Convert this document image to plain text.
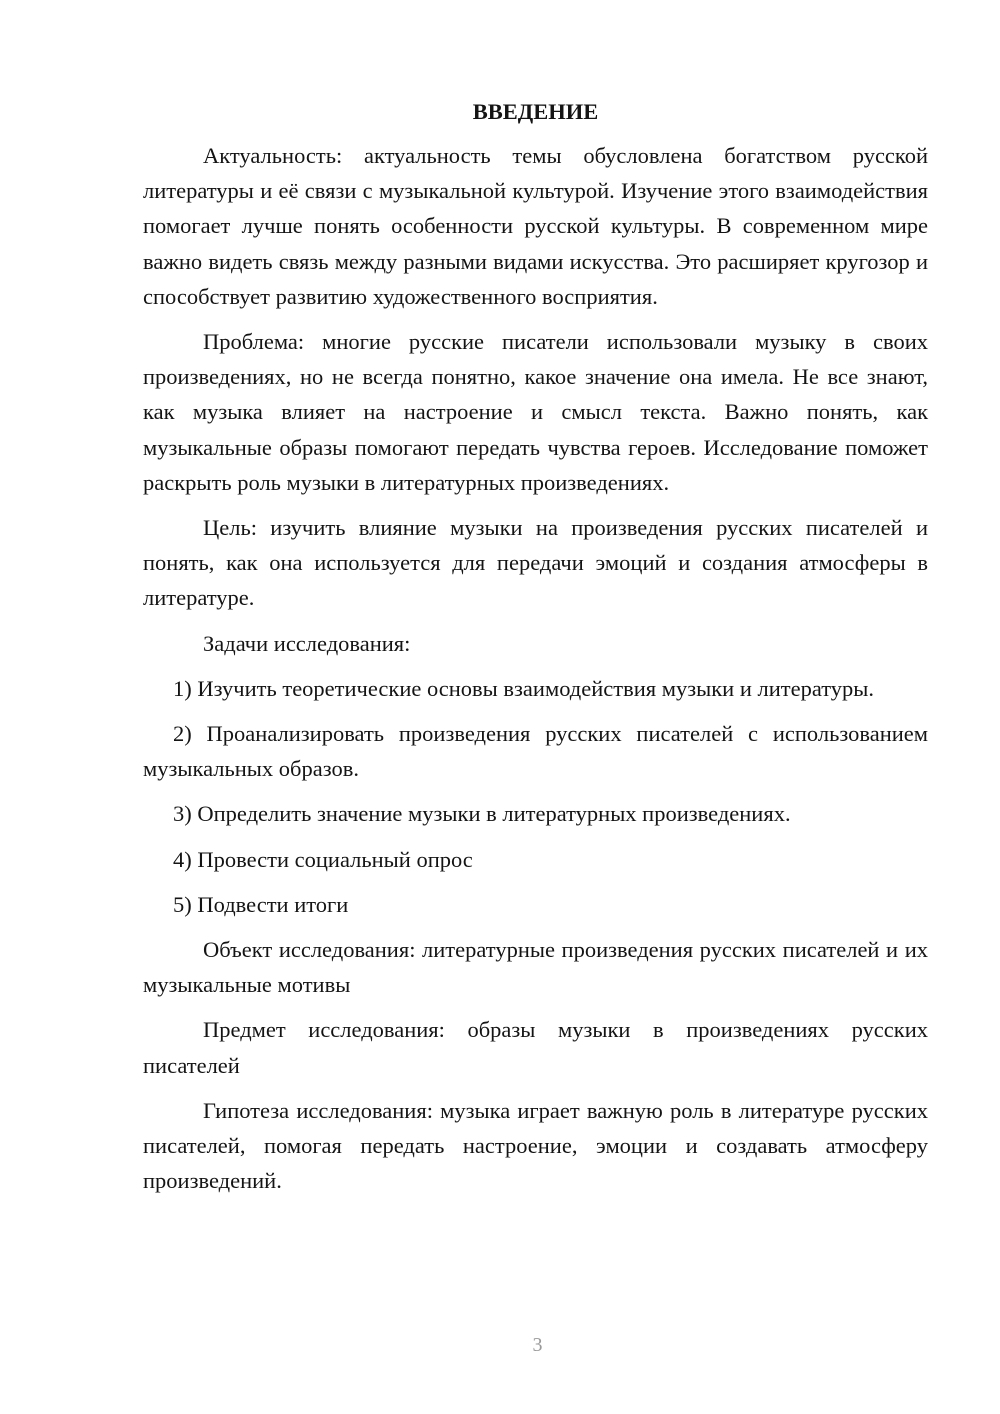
ВВЕДЕНИЕ

Актуальность: актуальность темы обусловлена богатством русской литературы и её связи с музыкальной культурой. Изучение этого взаимодействия помогает лучше понять особенности русской культуры. В современном мире важно видеть связь между разными видами искусства. Это расширяет кругозор и способствует развитию художественного восприятия.

Проблема: многие русские писатели использовали музыку в своих произведениях, но не всегда понятно, какое значение она имела. Не все знают, как музыка влияет на настроение и смысл текста. Важно понять, как музыкальные образы помогают передать чувства героев. Исследование поможет раскрыть роль музыки в литературных произведениях.

Цель: изучить влияние музыки на произведения русских писателей и понять, как она используется для передачи эмоций и создания атмосферы в литературе.

Задачи исследования:

1) Изучить теоретические основы взаимодействия музыки и литературы.

2) Проанализировать произведения русских писателей с использованием музыкальных образов.

3) Определить значение музыки в литературных произведениях.

4) Провести социальный опрос

5) Подвести итоги

Объект исследования: литературные произведения русских писателей и их музыкальные мотивы

Предмет исследования: образы музыки в произведениях русских писателей

Гипотеза исследования: музыка играет важную роль в литературе русских писателей, помогая передать настроение, эмоции и создавать атмосферу произведений.

3
